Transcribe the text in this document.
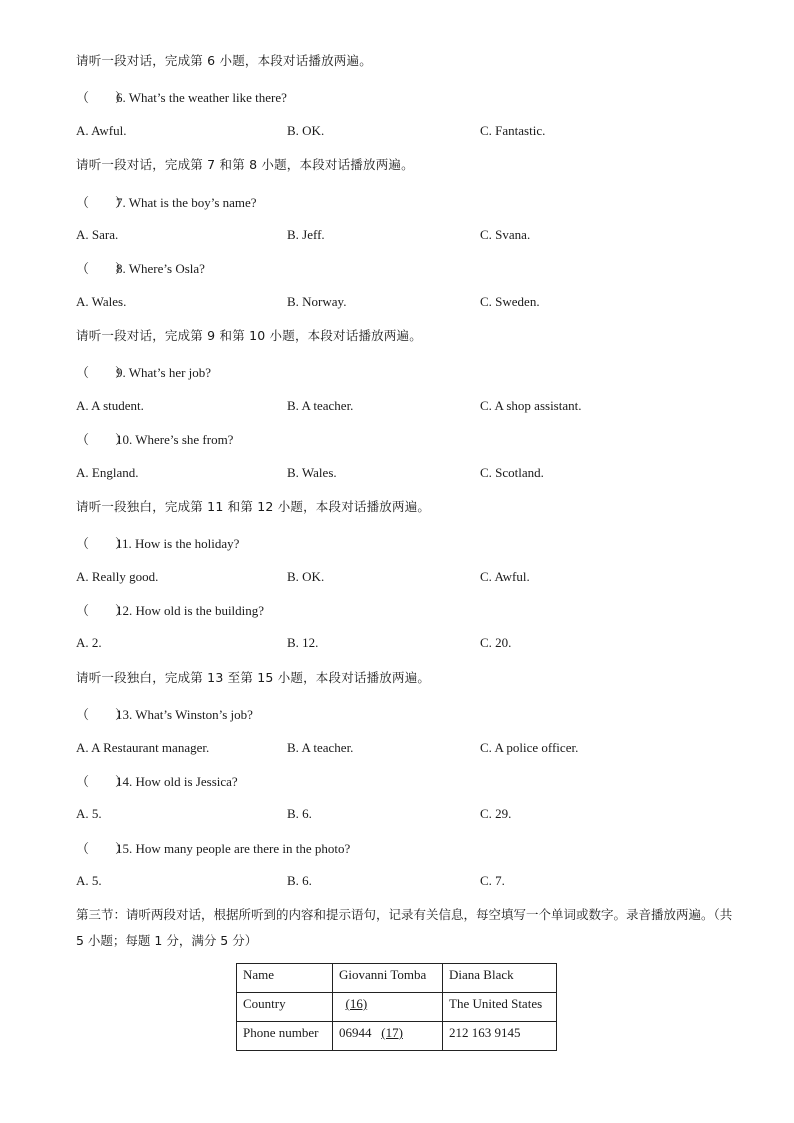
请听一段对话，完成第 6 小题，本段对话播放两遍。
（　　）6. What’s the weather like there?
A. Awful.	B. OK.	C. Fantastic.
请听一段对话，完成第 7 和第 8 小题，本段对话播放两遍。
（　　）7. What is the boy’s name?
A. Sara.	B. Jeff.	C. Svana.
（　　）8. Where’s Osla?
A. Wales.	B. Norway.	C. Sweden.
请听一段对话，完成第 9 和第 10 小题，本段对话播放两遍。
（　　）9. What’s her job?
A. A student.	B. A teacher.	C. A shop assistant.
（　　）10. Where’s she from?
A. England.	B. Wales.	C. Scotland.
请听一段独白，完成第 11 和第 12 小题，本段对话播放两遍。
（　　）11. How is the holiday?
A. Really good.	B. OK.	C. Awful.
（　　）12. How old is the building?
A. 2.	B. 12.	C. 20.
请听一段独白，完成第 13 至第 15 小题，本段对话播放两遍。
（　　）13. What’s Winston’s job?
A. A Restaurant manager.	B. A teacher.	C. A police officer.
（　　）14. How old is Jessica?
A. 5.	B. 6.	C. 29.
（　　）15. How many people are there in the photo?
A. 5.	B. 6.	C. 7.
第三节：请听两段对话，根据所听到的内容和提示语句，记录有关信息，每空填写一个单词或数字。录音播放两遍。（共 5 小题；每题 1 分，满分 5 分）
Name	Giovanni Tomba	Diana Black
Country	(16)	The United States
Phone number	06944 (17)	212 163 9145
